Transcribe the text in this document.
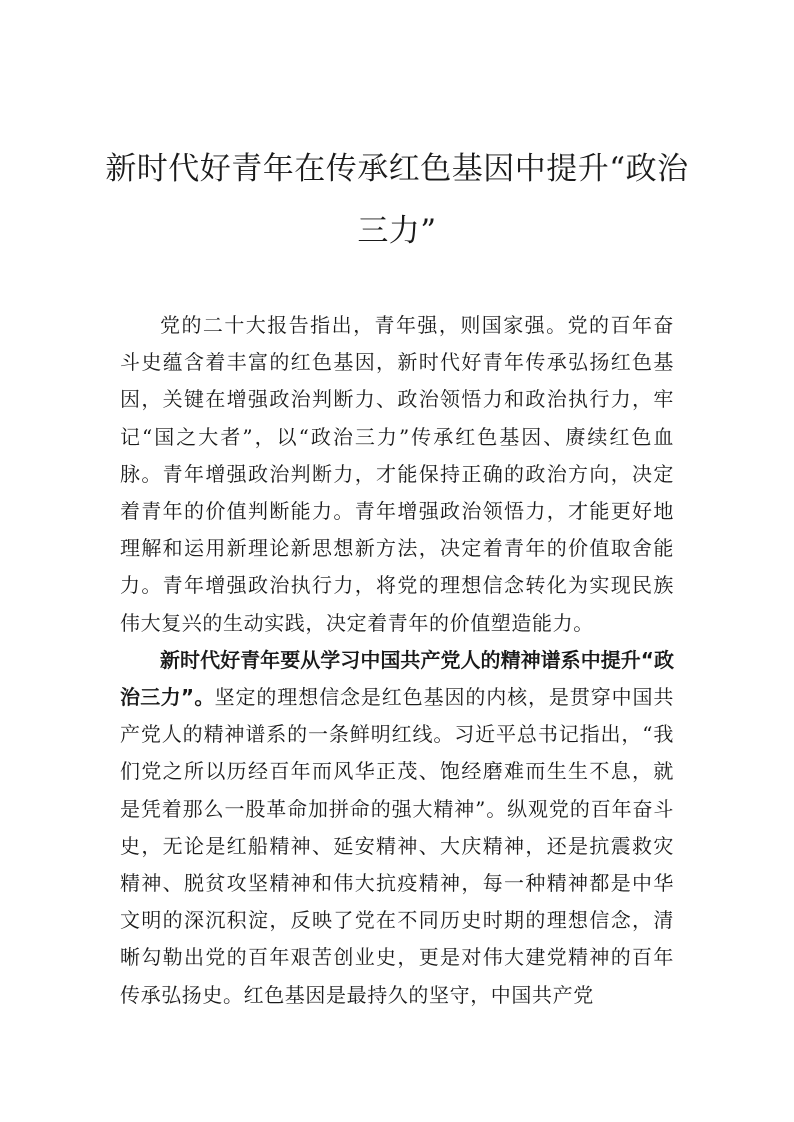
新时代好青年在传承红色基因中提升“政治三力”

党的二十大报告指出，青年强，则国家强。党的百年奋斗史蕴含着丰富的红色基因，新时代好青年传承弘扬红色基因，关键在增强政治判断力、政治领悟力和政治执行力，牢记“国之大者”，以“政治三力”传承红色基因、赓续红色血脉。青年增强政治判断力，才能保持正确的政治方向，决定着青年的价值判断能力。青年增强政治领悟力，才能更好地理解和运用新理论新思想新方法，决定着青年的价值取舍能力。青年增强政治执行力，将党的理想信念转化为实现民族伟大复兴的生动实践，决定着青年的价值塑造能力。

新时代好青年要从学习中国共产党人的精神谱系中提升“政治三力”。坚定的理想信念是红色基因的内核，是贯穿中国共产党人的精神谱系的一条鲜明红线。习近平总书记指出，“我们党之所以历经百年而风华正茂、饱经磨难而生生不息，就是凭着那么一股革命加拼命的强大精神”。纵观党的百年奋斗史，无论是红船精神、延安精神、大庆精神，还是抗震救灾精神、脱贫攻坚精神和伟大抗疫精神，每一种精神都是中华文明的深沉积淀，反映了党在不同历史时期的理想信念，清晰勾勒出党的百年艰苦创业史，更是对伟大建党精神的百年传承弘扬史。红色基因是最持久的坚守，中国共产党
